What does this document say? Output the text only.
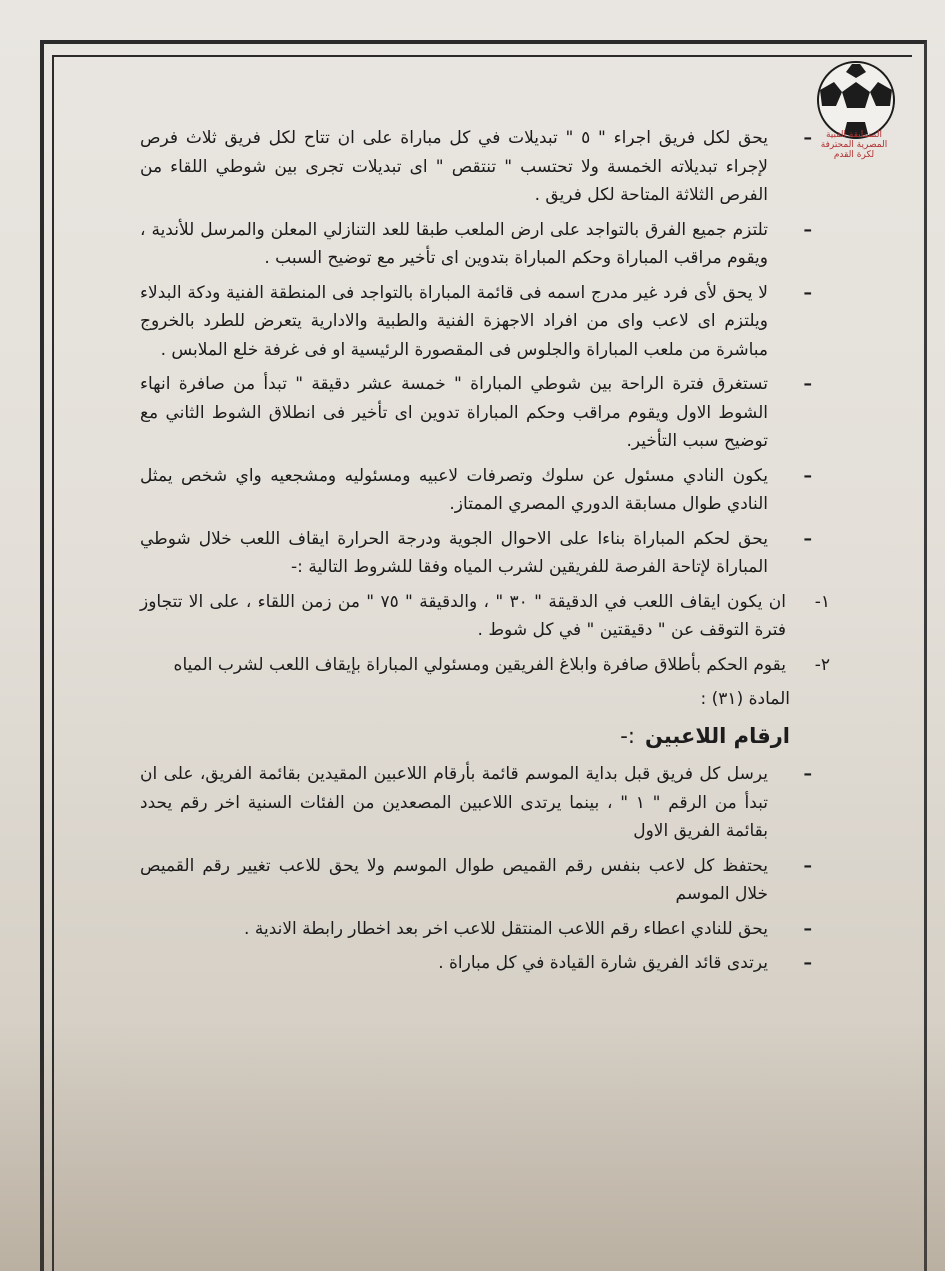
المسابقة القبية المصرية المحترفة لكرة القدم
–
يحق لكل فريق اجراء " ٥ " تبديلات في كل مباراة على ان تتاح لكل فريق ثلاث فرص لإجراء تبديلاته الخمسة ولا تحتسب " تنتقص " اى تبديلات تجرى بين شوطي اللقاء من الفرص الثلاثة المتاحة لكل فريق .
–
تلتزم جميع الفرق بالتواجد على ارض الملعب طبقا للعد التنازلي المعلن والمرسل للأندية ، ويقوم مراقب المباراة وحكم المباراة بتدوين اى تأخير مع توضيح السبب .
–
لا يحق لأى فرد غير مدرج اسمه فى قائمة المباراة بالتواجد فى المنطقة الفنية ودكة البدلاء ويلتزم اى لاعب واى من افراد الاجهزة الفنية والطبية والادارية يتعرض للطرد بالخروج مباشرة من ملعب المباراة والجلوس فى المقصورة الرئيسية او فى غرفة خلع الملابس .
–
تستغرق فترة الراحة بين شوطي المباراة " خمسة عشر دقيقة " تبدأ من صافرة انهاء الشوط الاول ويقوم مراقب وحكم المباراة تدوين اى تأخير فى انطلاق الشوط الثاني مع توضيح سبب التأخير.
–
يكون النادي مسئول عن سلوك وتصرفات لاعبيه ومسئوليه ومشجعيه واي شخص يمثل النادي طوال مسابقة الدوري المصري الممتاز.
–
يحق لحكم المباراة بناءا على الاحوال الجوية ودرجة الحرارة ايقاف اللعب خلال شوطي المباراة لإتاحة الفرصة للفريقين لشرب المياه وفقا للشروط التالية :-
١-
ان يكون ايقاف اللعب في الدقيقة " ٣٠ " ، والدقيقة " ٧٥ " من زمن اللقاء ، على الا تتجاوز فترة التوقف عن " دقيقتين " في كل شوط .
٢-
يقوم الحكم بأطلاق صافرة وابلاغ الفريقين ومسئولي المباراة بإيقاف اللعب لشرب المياه
المادة (٣١) :
ارقام اللاعبين:-
–
يرسل كل فريق قبل بداية الموسم قائمة بأرقام اللاعبين المقيدين بقائمة الفريق، على ان تبدأ من الرقم " ١ " ، بينما يرتدى اللاعبين المصعدين من الفئات السنية اخر رقم يحدد بقائمة الفريق الاول
–
يحتفظ كل لاعب بنفس رقم القميص طوال الموسم ولا يحق للاعب تغيير رقم القميص خلال الموسم
–
يحق للنادي اعطاء رقم اللاعب المنتقل للاعب اخر بعد اخطار رابطة الاندية .
–
يرتدى قائد الفريق شارة القيادة في كل مباراة .
